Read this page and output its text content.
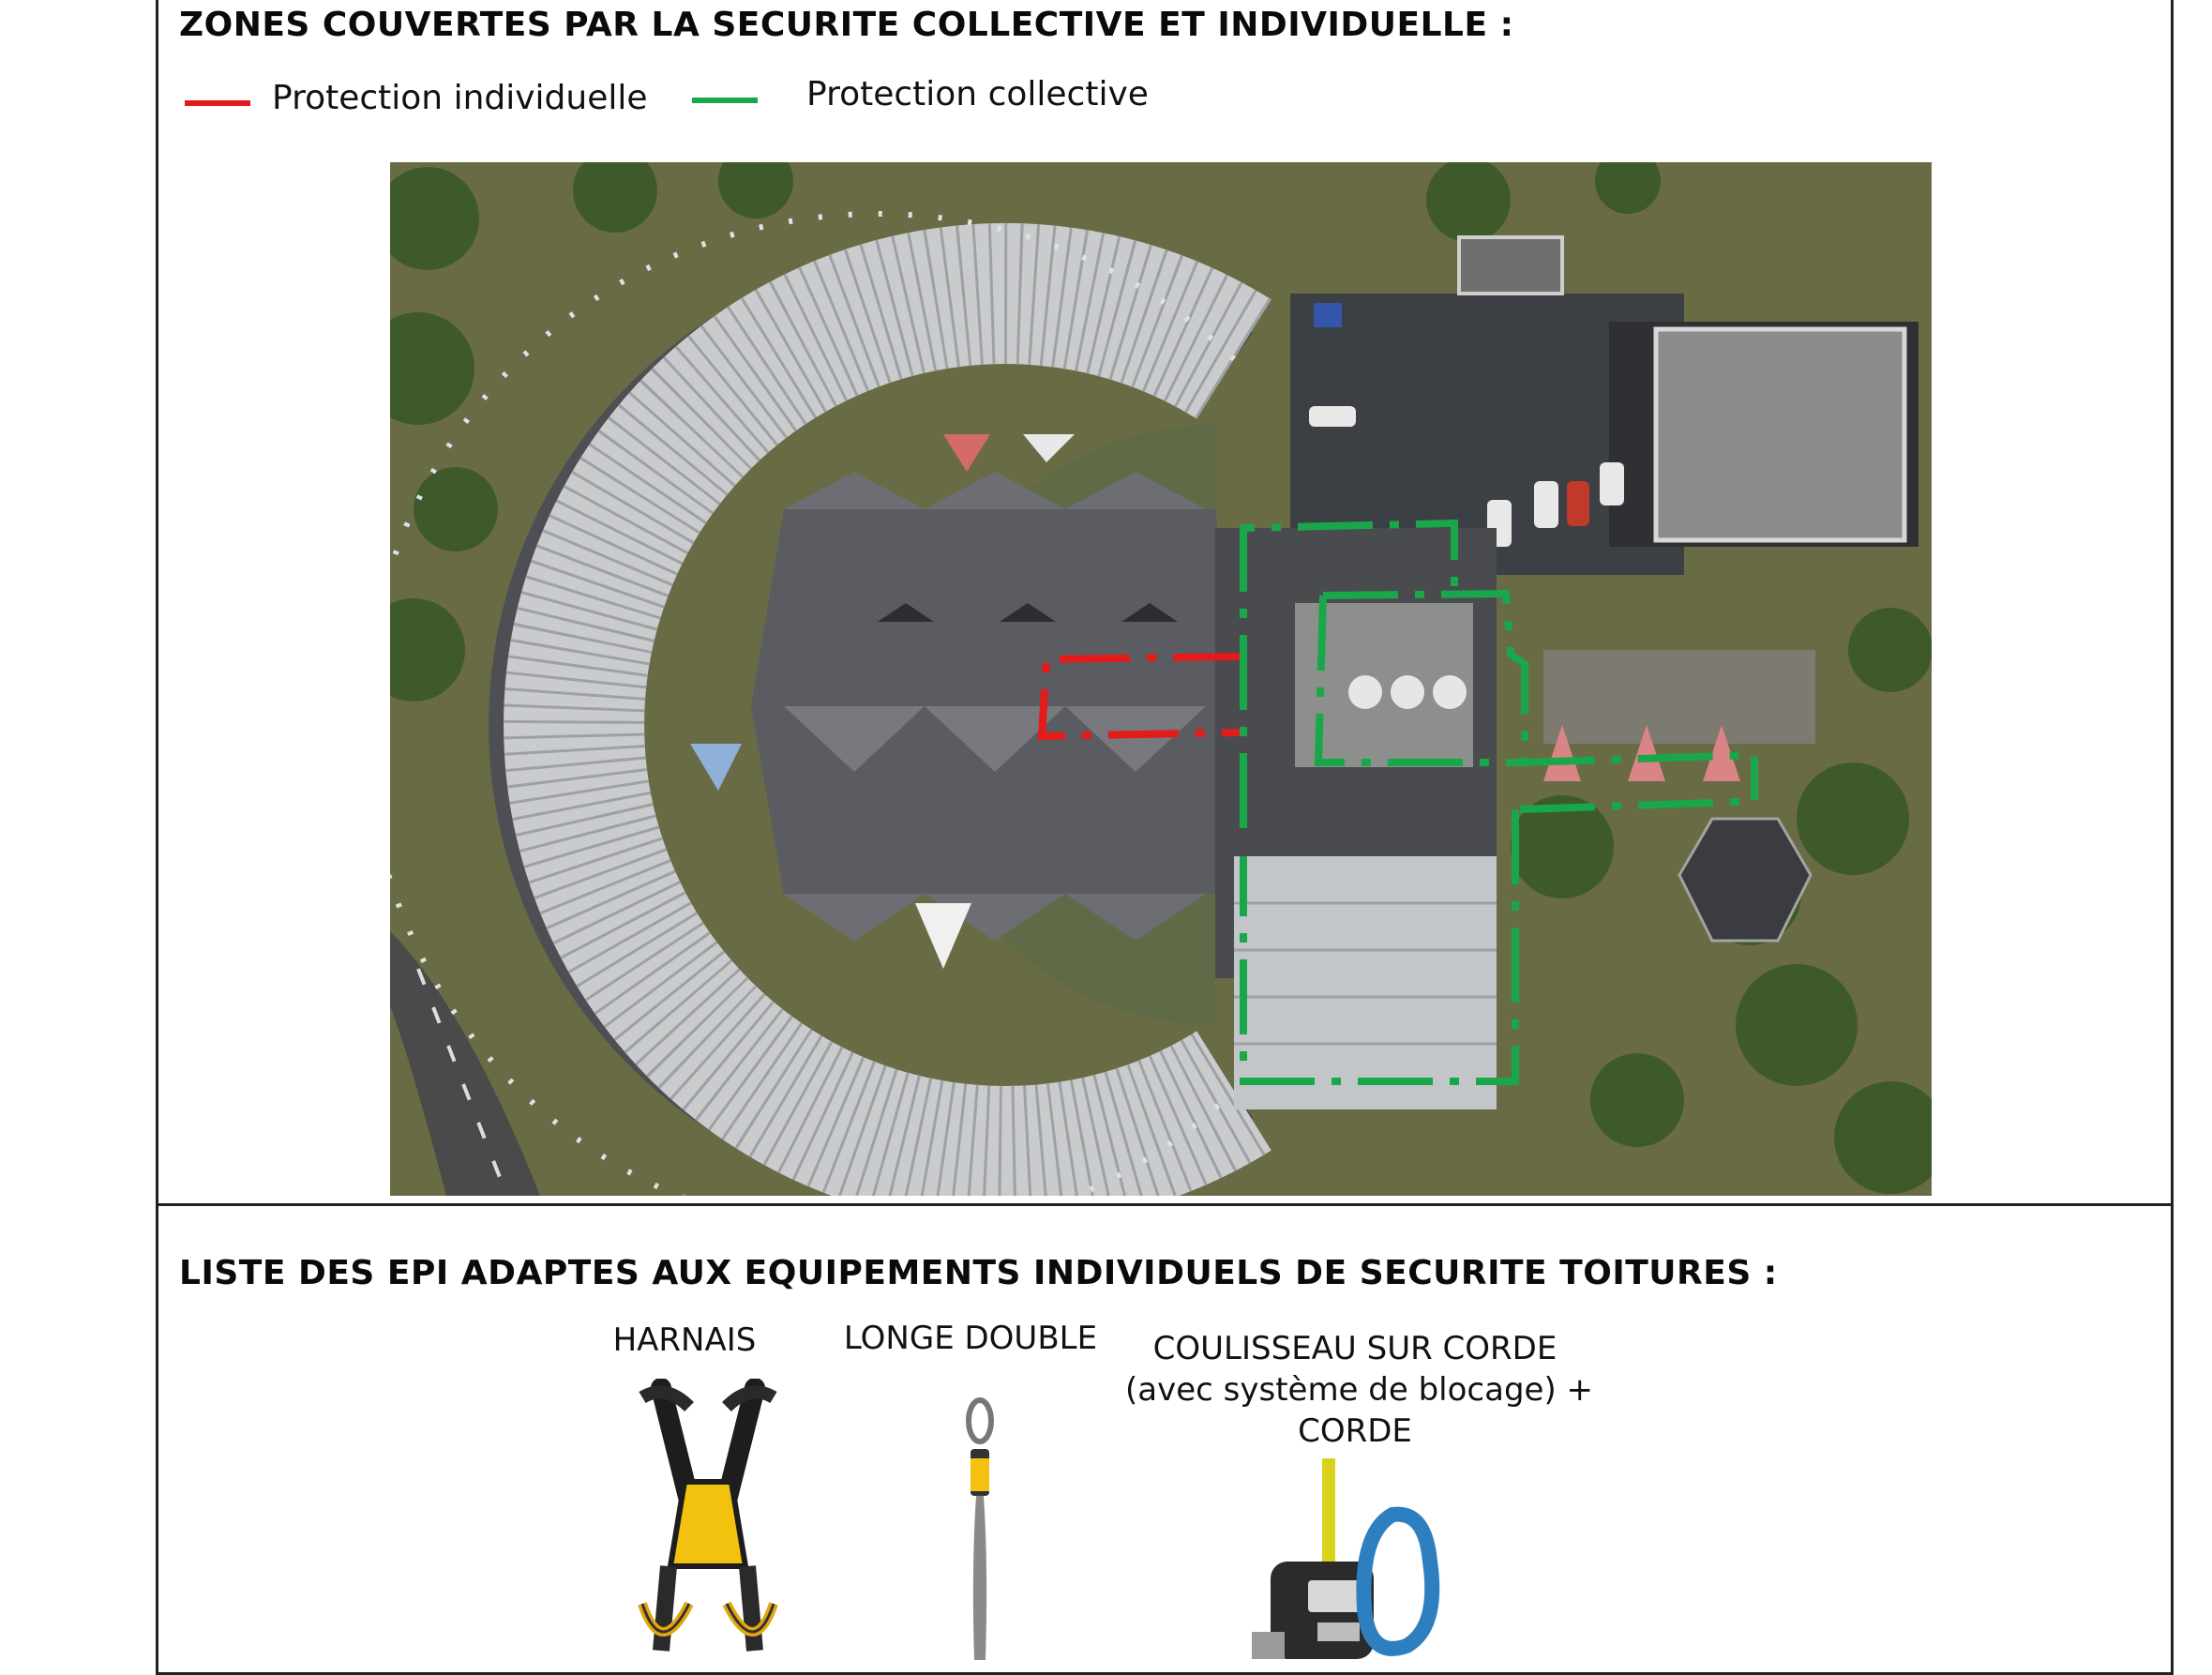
ZONES COUVERTES PAR LA SECURITE COLLECTIVE ET INDIVIDUELLE :
Protection individuelle	Protection collective
LISTE DES EPI ADAPTES AUX EQUIPEMENTS INDIVIDUELS DE SECURITE TOITURES :
HARNAIS	LONGE DOUBLE	COULISSEAU SUR CORDE
(avec système de blocage) +
CORDE
